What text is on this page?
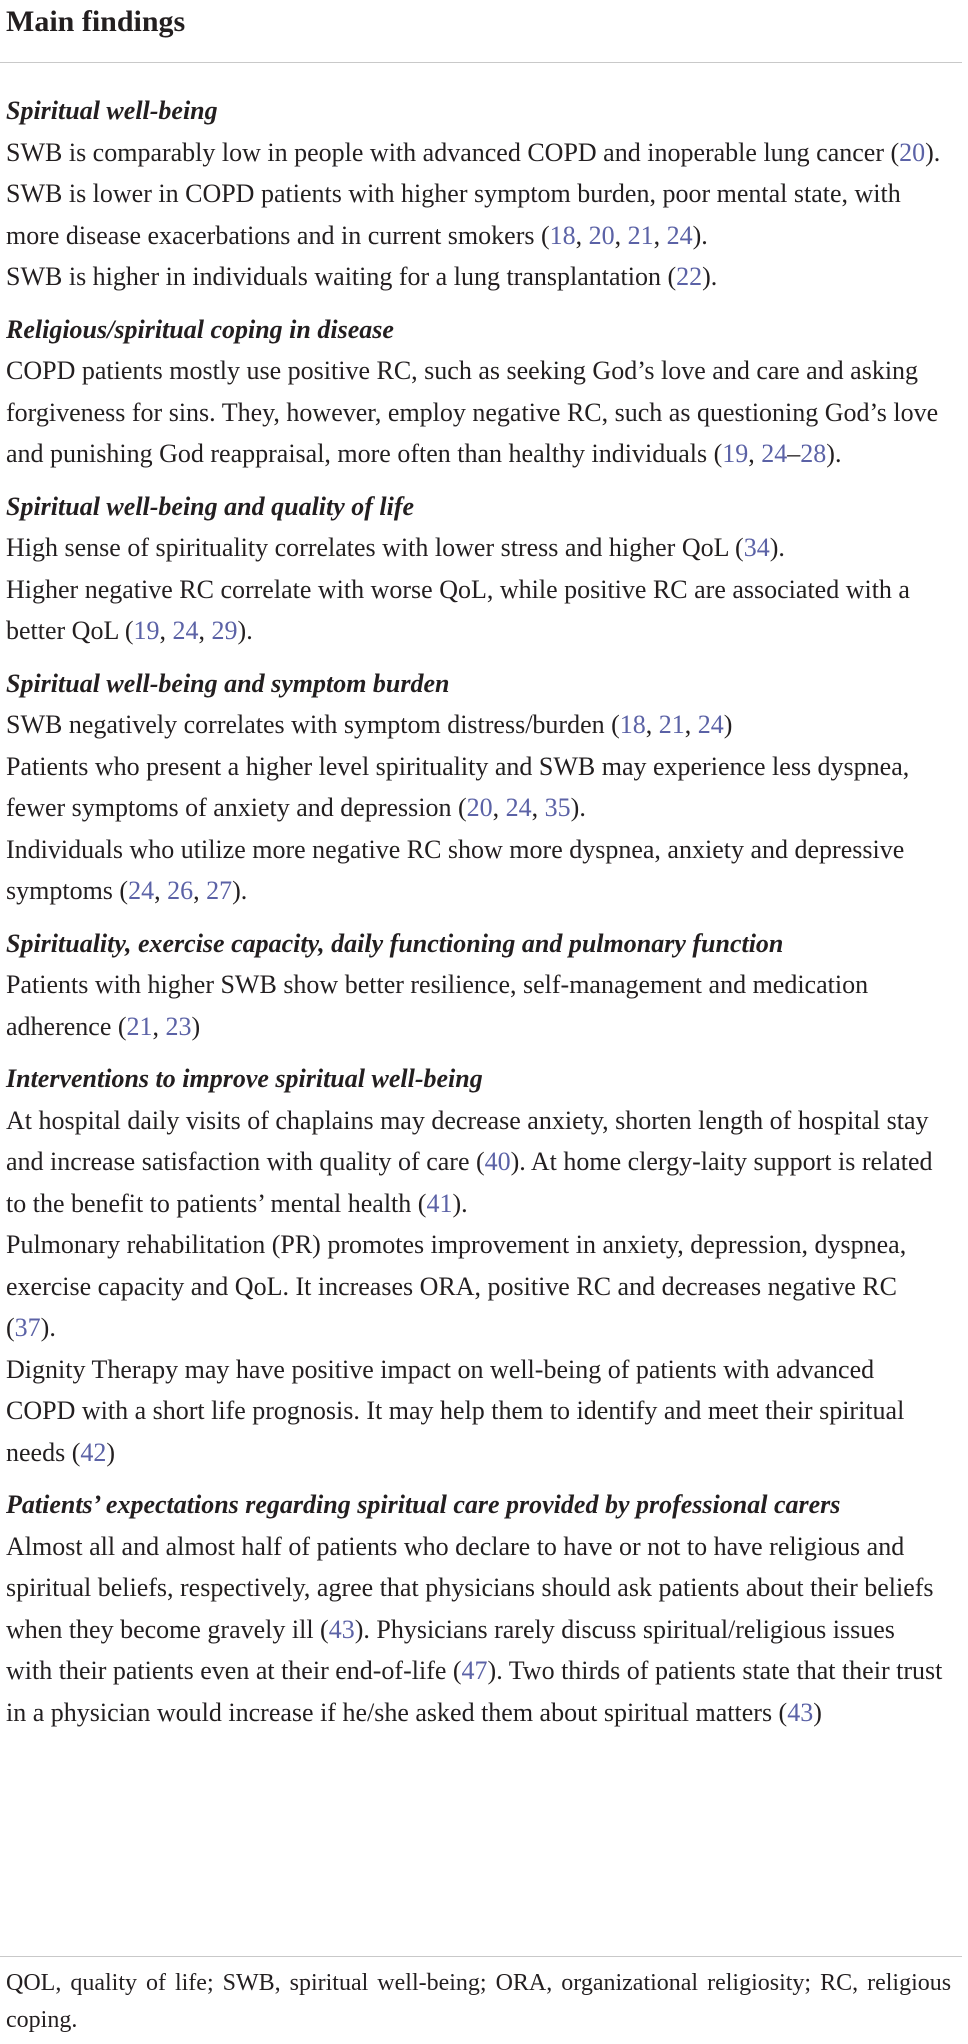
Main findings
Spiritual well-being
SWB is comparably low in people with advanced COPD and inoperable lung cancer (20).
SWB is lower in COPD patients with higher symptom burden, poor mental state, with more disease exacerbations and in current smokers (18, 20, 21, 24).
SWB is higher in individuals waiting for a lung transplantation (22).
Religious/spiritual coping in disease
COPD patients mostly use positive RC, such as seeking God’s love and care and asking forgiveness for sins. They, however, employ negative RC, such as questioning God’s love and punishing God reappraisal, more often than healthy individuals (19, 24–28).
Spiritual well-being and quality of life
High sense of spirituality correlates with lower stress and higher QoL (34).
Higher negative RC correlate with worse QoL, while positive RC are associated with a better QoL (19, 24, 29).
Spiritual well-being and symptom burden
SWB negatively correlates with symptom distress/burden (18, 21, 24)
Patients who present a higher level spirituality and SWB may experience less dyspnea, fewer symptoms of anxiety and depression (20, 24, 35).
Individuals who utilize more negative RC show more dyspnea, anxiety and depressive symptoms (24, 26, 27).
Spirituality, exercise capacity, daily functioning and pulmonary function
Patients with higher SWB show better resilience, self-management and medication adherence (21, 23)
Interventions to improve spiritual well-being
At hospital daily visits of chaplains may decrease anxiety, shorten length of hospital stay and increase satisfaction with quality of care (40). At home clergy-laity support is related to the benefit to patients’ mental health (41).
Pulmonary rehabilitation (PR) promotes improvement in anxiety, depression, dyspnea, exercise capacity and QoL. It increases ORA, positive RC and decreases negative RC (37).
Dignity Therapy may have positive impact on well-being of patients with advanced COPD with a short life prognosis. It may help them to identify and meet their spiritual needs (42)
Patients’ expectations regarding spiritual care provided by professional carers
Almost all and almost half of patients who declare to have or not to have religious and spiritual beliefs, respectively, agree that physicians should ask patients about their beliefs when they become gravely ill (43). Physicians rarely discuss spiritual/religious issues with their patients even at their end-of-life (47). Two thirds of patients state that their trust in a physician would increase if he/she asked them about spiritual matters (43)
QOL, quality of life; SWB, spiritual well-being; ORA, organizational religiosity; RC, religious coping.
